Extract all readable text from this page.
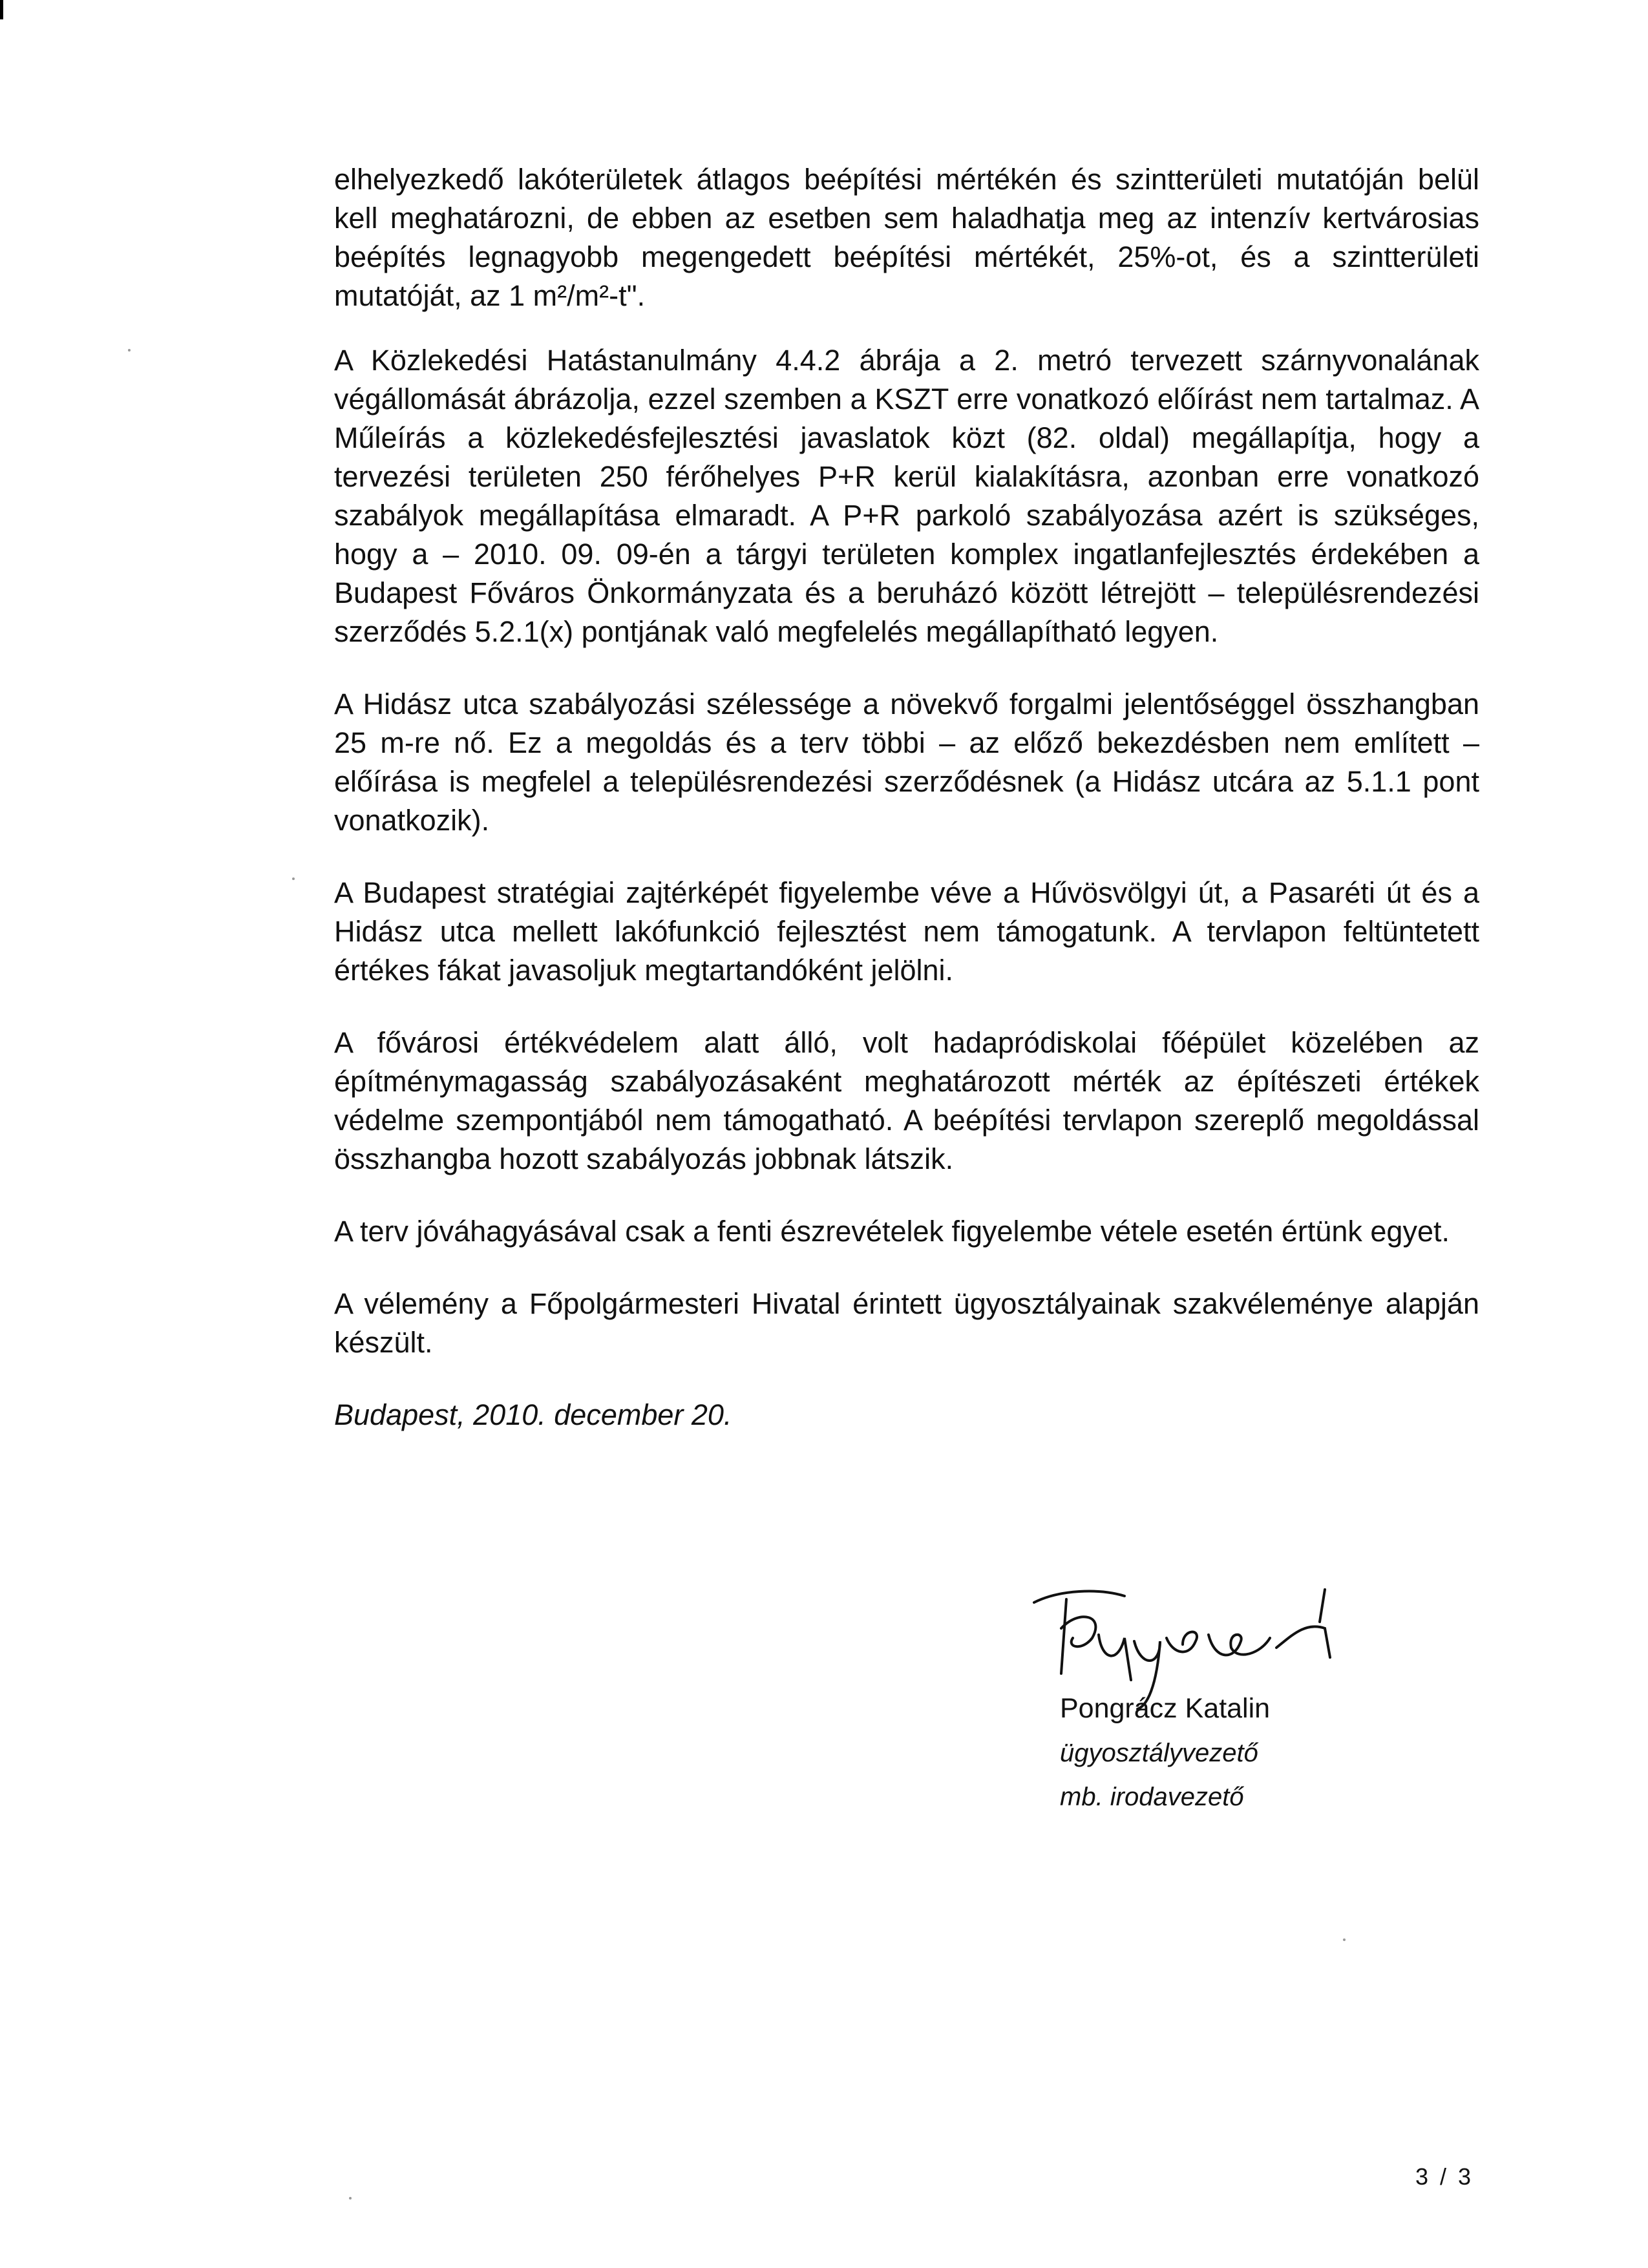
elhelyezkedő lakóterületek átlagos beépítési mértékén és szintterületi mutatóján belül kell meghatározni, de ebben az esetben sem haladhatja meg az intenzív kertvárosias beépítés legnagyobb megengedett beépítési mértékét, 25%-ot, és a szintterületi mutatóját, az 1 m²/m²-t".

A Közlekedési Hatástanulmány 4.4.2 ábrája a 2. metró tervezett szárnyvonalának végállomását ábrázolja, ezzel szemben a KSZT erre vonatkozó előírást nem tartalmaz. A Műleírás a közlekedésfejlesztési javaslatok közt (82. oldal) megállapítja, hogy a tervezési területen 250 férőhelyes P+R kerül kialakításra, azonban erre vonatkozó szabályok megállapítása elmaradt. A P+R parkoló szabályozása azért is szükséges, hogy a – 2010. 09. 09-én a tárgyi területen komplex ingatlanfejlesztés érdekében a Budapest Főváros Önkormányzata és a beruházó között létrejött – településrendezési szerződés 5.2.1(x) pontjának való megfelelés megállapítható legyen.

A Hidász utca szabályozási szélessége a növekvő forgalmi jelentőséggel összhangban 25 m-re nő. Ez a megoldás és a terv többi – az előző bekezdésben nem említett – előírása is megfelel a településrendezési szerződésnek (a Hidász utcára az 5.1.1 pont vonatkozik).

A Budapest stratégiai zajtérképét figyelembe véve a Hűvösvölgyi út, a Pasaréti út és a Hidász utca mellett lakófunkció fejlesztést nem támogatunk. A tervlapon feltüntetett értékes fákat javasoljuk megtartandóként jelölni.

A fővárosi értékvédelem alatt álló, volt hadapródiskolai főépület közelében az építménymagasság szabályozásaként meghatározott mérték az építészeti értékek védelme szempontjából nem támogatható. A beépítési tervlapon szereplő megoldással összhangba hozott szabályozás jobbnak látszik.

A terv jóváhagyásával csak a fenti észrevételek figyelembe vétele esetén értünk egyet.

A vélemény a Főpolgármesteri Hivatal érintett ügyosztályainak szakvéleménye alapján készült.

Budapest, 2010. december 20.

Pongrácz Katalin
ügyosztályvezető
mb. irodavezető
3 / 3
